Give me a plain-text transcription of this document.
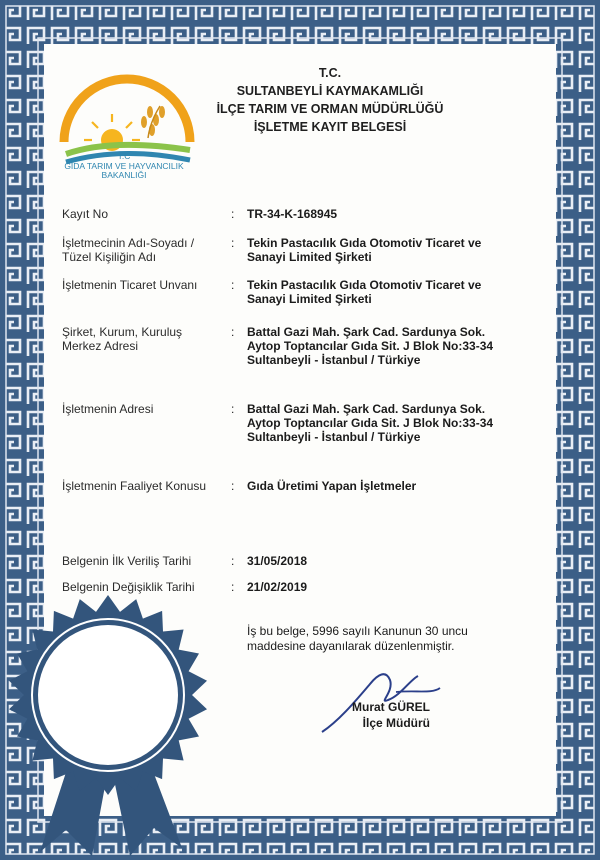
T.C
GIDA TARIM VE HAYVANCILIK
BAKANLIĞI
T.C.
SULTANBEYLİ KAYMAKAMLIĞI
İLÇE TARIM VE ORMAN MÜDÜRLÜĞÜ
İŞLETME KAYIT BELGESİ
Kayıt No	: TR-34-K-168945
İşletmecinin Adı-Soyadı /
Tüzel Kişiliğin Adı
: Tekin Pastacılık Gıda Otomotiv Ticaret ve
Sanayi Limited Şirketi
İşletmenin Ticaret Unvanı	: Tekin Pastacılık Gıda Otomotiv Ticaret ve
Sanayi Limited Şirketi
Şirket, Kurum, Kuruluş
Merkez Adresi
: Battal Gazi Mah. Şark Cad. Sardunya Sok.
Aytop Toptancılar Gıda Sit. J Blok No:33-34
Sultanbeyli - İstanbul / Türkiye
İşletmenin Adresi	: Battal Gazi Mah. Şark Cad. Sardunya Sok.
Aytop Toptancılar Gıda Sit. J Blok No:33-34
Sultanbeyli - İstanbul / Türkiye
İşletmenin Faaliyet Konusu	: Gıda Üretimi Yapan İşletmeler
Belgenin İlk Veriliş Tarihi	: 31/05/2018
Belgenin Değişiklik Tarihi	: 21/02/2019
İş bu belge, 5996 sayılı Kanunun 30 uncu
maddesine dayanılarak düzenlenmiştir.
Murat GÜREL
İlçe Müdürü
